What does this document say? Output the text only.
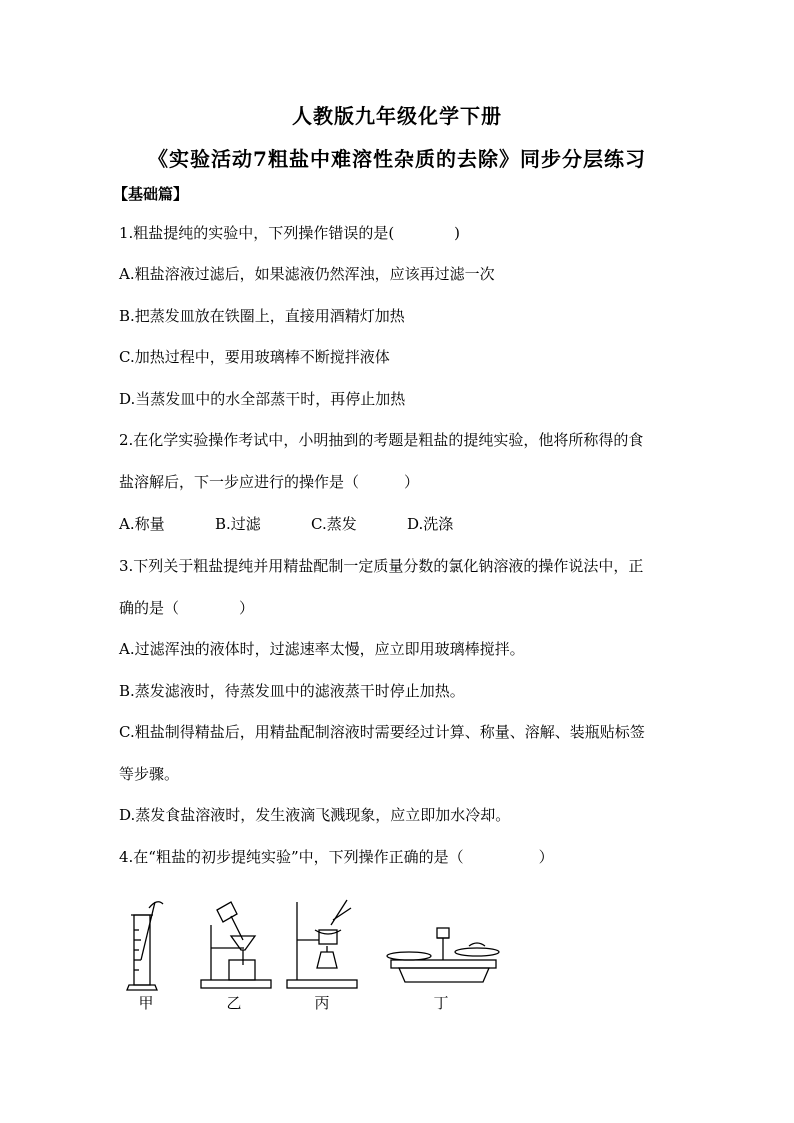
人教版九年级化学下册
《实验活动7粗盐中难溶性杂质的去除》同步分层练习
【基础篇】
1.粗盐提纯的实验中，下列操作错误的是(　　　　)
A.粗盐溶液过滤后，如果滤液仍然浑浊，应该再过滤一次
B.把蒸发皿放在铁圈上，直接用酒精灯加热
C.加热过程中，要用玻璃棒不断搅拌液体
D.当蒸发皿中的水全部蒸干时，再停止加热
2.在化学实验操作考试中，小明抽到的考题是粗盐的提纯实验，他将所称得的食
盐溶解后，下一步应进行的操作是（　　　）
A.称量	B.过滤	C.蒸发	D.洗涤
3.下列关于粗盐提纯并用精盐配制一定质量分数的氯化钠溶液的操作说法中，正
确的是（　　　　）
A.过滤浑浊的液体时，过滤速率太慢，应立即用玻璃棒搅拌。
B.蒸发滤液时，待蒸发皿中的滤液蒸干时停止加热。
C.粗盐制得精盐后，用精盐配制溶液时需要经过计算、称量、溶解、装瓶贴标签
等步骤。
D.蒸发食盐溶液时，发生液滴飞溅现象，应立即加水冷却。
4.在“粗盐的初步提纯实验”中，下列操作正确的是（　　　　　）
甲	乙	丙	丁
